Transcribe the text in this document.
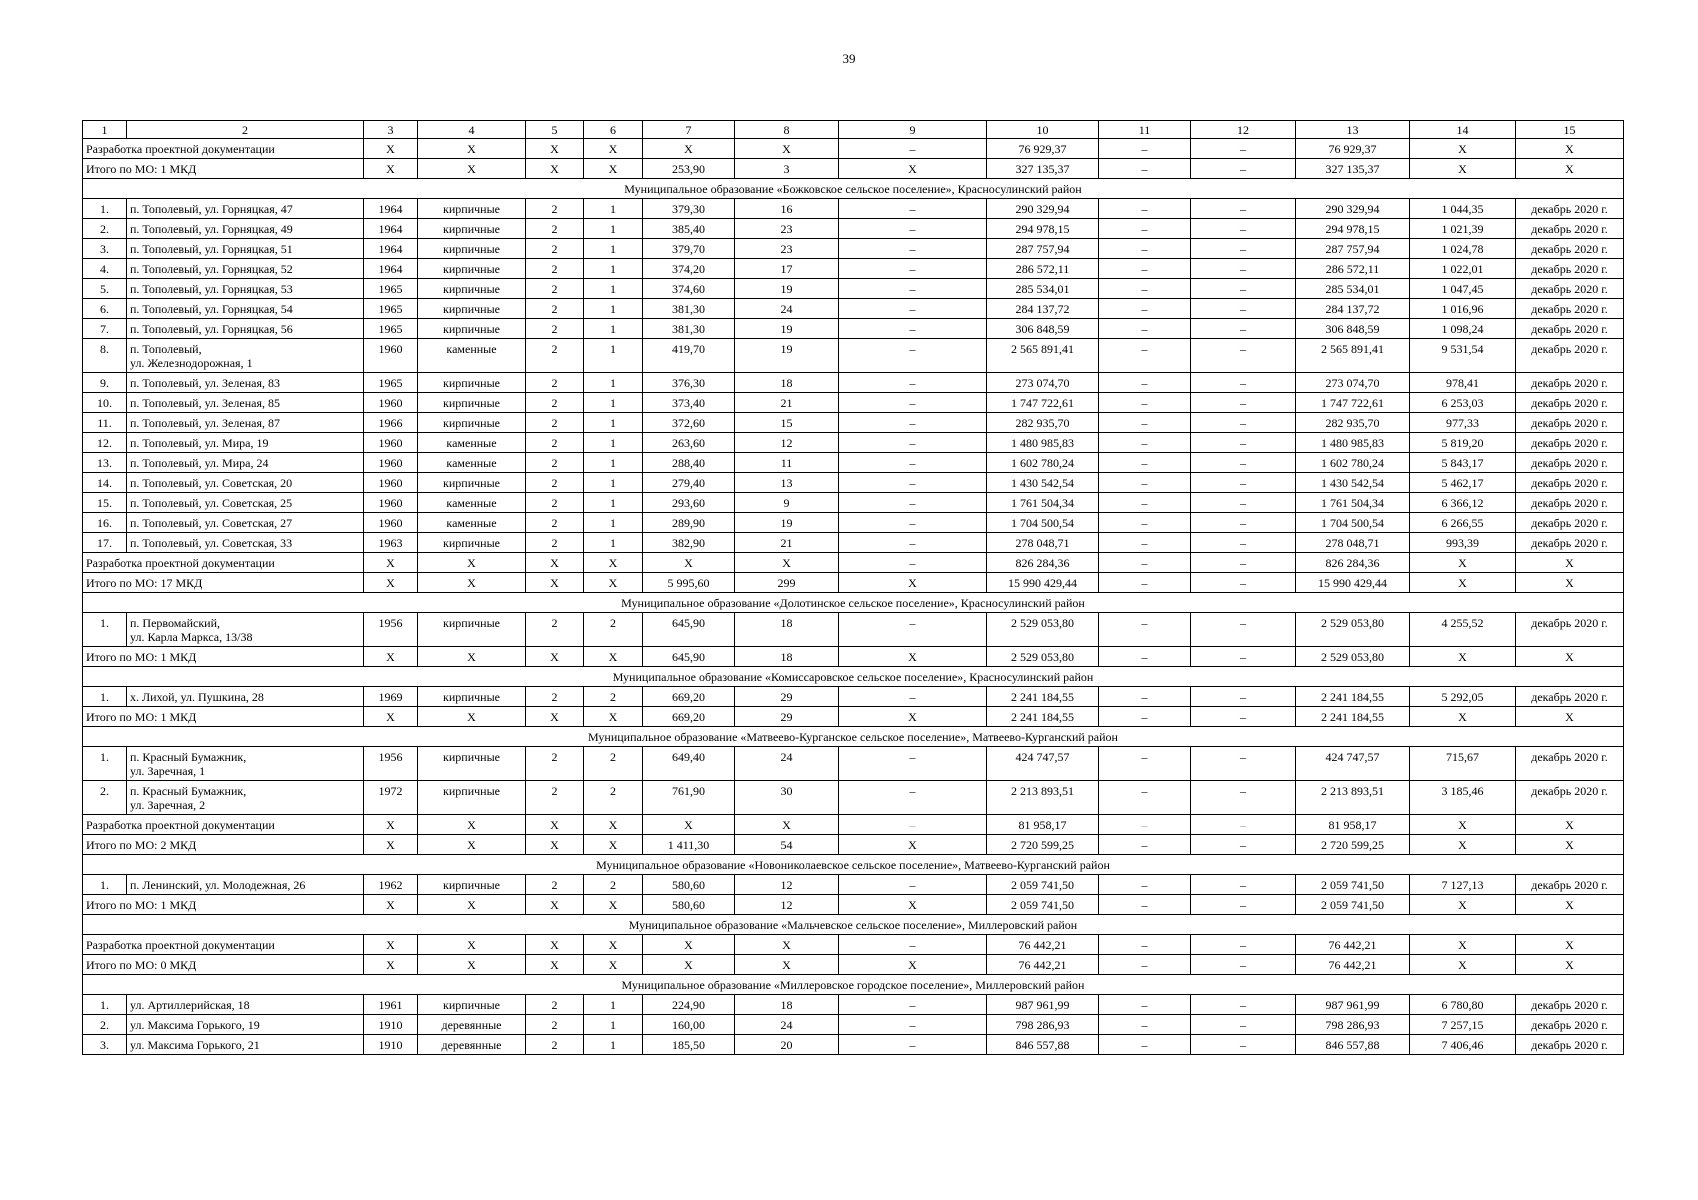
39
1	2	3	4	5	6	7	8	9	10	11	12	13	14	15
Разработка проектной документации		X	X	X	X	X	X	–	76 929,37	–	–	76 929,37	X	X
Итого по МО: 1 МКД		X	X	X	X	253,90	3	X	327 135,37	–	–	327 135,37	X	X
Муниципальное образование «Божковское сельское поселение», Красносулинский район														
1.	п. Тополевый, ул. Горняцкая, 47	1964	кирпичные	2	1	379,30	16	–	290 329,94	–	–	290 329,94	1 044,35	декабрь 2020 г.
2.	п. Тополевый, ул. Горняцкая, 49	1964	кирпичные	2	1	385,40	23	–	294 978,15	–	–	294 978,15	1 021,39	декабрь 2020 г.
3.	п. Тополевый, ул. Горняцкая, 51	1964	кирпичные	2	1	379,70	23	–	287 757,94	–	–	287 757,94	1 024,78	декабрь 2020 г.
4.	п. Тополевый, ул. Горняцкая, 52	1964	кирпичные	2	1	374,20	17	–	286 572,11	–	–	286 572,11	1 022,01	декабрь 2020 г.
5.	п. Тополевый, ул. Горняцкая, 53	1965	кирпичные	2	1	374,60	19	–	285 534,01	–	–	285 534,01	1 047,45	декабрь 2020 г.
6.	п. Тополевый, ул. Горняцкая, 54	1965	кирпичные	2	1	381,30	24	–	284 137,72	–	–	284 137,72	1 016,96	декабрь 2020 г.
7.	п. Тополевый, ул. Горняцкая, 56	1965	кирпичные	2	1	381,30	19	–	306 848,59	–	–	306 848,59	1 098,24	декабрь 2020 г.
8.	п. Тополевый,
ул. Железнодорожная, 1	1960	каменные	2	1	419,70	19	–	2 565 891,41	–	–	2 565 891,41	9 531,54	декабрь 2020 г.
9.	п. Тополевый, ул. Зеленая, 83	1965	кирпичные	2	1	376,30	18	–	273 074,70	–	–	273 074,70	978,41	декабрь 2020 г.
10.	п. Тополевый, ул. Зеленая, 85	1960	кирпичные	2	1	373,40	21	–	1 747 722,61	–	–	1 747 722,61	6 253,03	декабрь 2020 г.
11.	п. Тополевый, ул. Зеленая, 87	1966	кирпичные	2	1	372,60	15	–	282 935,70	–	–	282 935,70	977,33	декабрь 2020 г.
12.	п. Тополевый, ул. Мира, 19	1960	каменные	2	1	263,60	12	–	1 480 985,83	–	–	1 480 985,83	5 819,20	декабрь 2020 г.
13.	п. Тополевый, ул. Мира, 24	1960	каменные	2	1	288,40	11	–	1 602 780,24	–	–	1 602 780,24	5 843,17	декабрь 2020 г.
14.	п. Тополевый, ул. Советская, 20	1960	кирпичные	2	1	279,40	13	–	1 430 542,54	–	–	1 430 542,54	5 462,17	декабрь 2020 г.
15.	п. Тополевый, ул. Советская, 25	1960	каменные	2	1	293,60	9	–	1 761 504,34	–	–	1 761 504,34	6 366,12	декабрь 2020 г.
16.	п. Тополевый, ул. Советская, 27	1960	каменные	2	1	289,90	19	–	1 704 500,54	–	–	1 704 500,54	6 266,55	декабрь 2020 г.
17.	п. Тополевый, ул. Советская, 33	1963	кирпичные	2	1	382,90	21	–	278 048,71	–	–	278 048,71	993,39	декабрь 2020 г.
Разработка проектной документации		X	X	X	X	X	X	–	826 284,36	–	–	826 284,36	X	X
Итого по МО: 17 МКД		X	X	X	X	5 995,60	299	X	15 990 429,44	–	–	15 990 429,44	X	X
Муниципальное образование «Долотинское сельское поселение», Красносулинский район														
1.	п. Первомайский,
ул. Карла Маркса, 13/38	1956	кирпичные	2	2	645,90	18	–	2 529 053,80	–	–	2 529 053,80	4 255,52	декабрь 2020 г.
Итого по МО: 1 МКД		X	X	X	X	645,90	18	X	2 529 053,80	–	–	2 529 053,80	X	X
Муниципальное образование «Комиссаровское сельское поселение», Красносулинский район														
1.	х. Лихой, ул. Пушкина, 28	1969	кирпичные	2	2	669,20	29	–	2 241 184,55	–	–	2 241 184,55	5 292,05	декабрь 2020 г.
Итого по МО: 1 МКД		X	X	X	X	669,20	29	X	2 241 184,55	–	–	2 241 184,55	X	X
Муниципальное образование «Матвеево-Курганское сельское поселение», Матвеево-Курганский район														
1.	п. Красный Бумажник,
ул. Заречная, 1	1956	кирпичные	2	2	649,40	24	–	424 747,57	–	–	424 747,57	715,67	декабрь 2020 г.
2.	п. Красный Бумажник,
ул. Заречная, 2	1972	кирпичные	2	2	761,90	30	–	2 213 893,51	–	–	2 213 893,51	3 185,46	декабрь 2020 г.
Разработка проектной документации		X	X	X	X	X	X	–	81 958,17	–	–	81 958,17	X	X
Итого по МО: 2 МКД		X	X	X	X	1 411,30	54	X	2 720 599,25	–	–	2 720 599,25	X	X
Муниципальное образование «Новониколаевское сельское поселение», Матвеево-Курганский район														
1.	п. Ленинский, ул. Молодежная, 26	1962	кирпичные	2	2	580,60	12	–	2 059 741,50	–	–	2 059 741,50	7 127,13	декабрь 2020 г.
Итого по МО: 1 МКД		X	X	X	X	580,60	12	X	2 059 741,50	–	–	2 059 741,50	X	X
Муниципальное образование «Мальчевское сельское поселение», Миллеровский район														
Разработка проектной документации		X	X	X	X	X	X	–	76 442,21	–	–	76 442,21	X	X
Итого по МО: 0 МКД		X	X	X	X	X	X	X	76 442,21	–	–	76 442,21	X	X
Муниципальное образование «Миллеровское городское поселение», Миллеровский район														
1.	ул. Артиллерийская, 18	1961	кирпичные	2	1	224,90	18	–	987 961,99	–	–	987 961,99	6 780,80	декабрь 2020 г.
2.	ул. Максима Горького, 19	1910	деревянные	2	1	160,00	24	–	798 286,93	–	–	798 286,93	7 257,15	декабрь 2020 г.
3.	ул. Максима Горького, 21	1910	деревянные	2	1	185,50	20	–	846 557,88	–	–	846 557,88	7 406,46	декабрь 2020 г.
